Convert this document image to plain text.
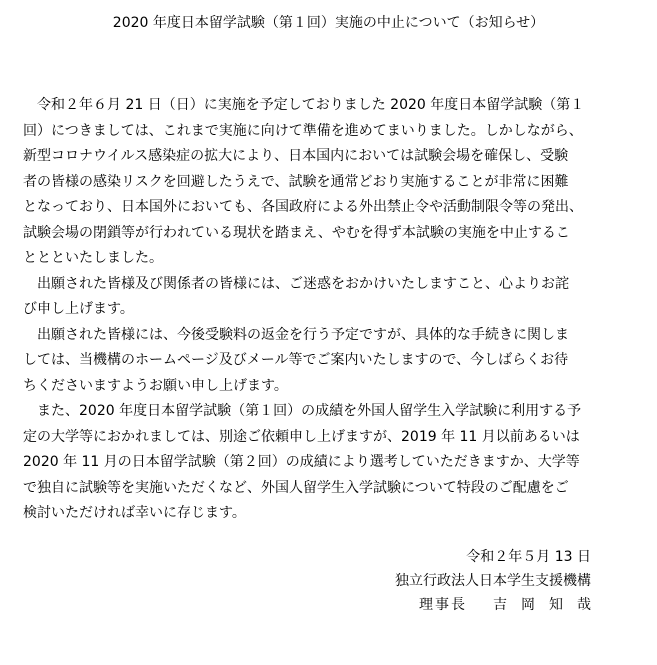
2020 年度日本留学試験（第１回）実施の中止について（お知らせ）
　令和２年６月 21 日（日）に実施を予定しておりました 2020 年度日本留学試験（第１
回）につきましては、これまで実施に向けて準備を進めてまいりました。しかしながら、
新型コロナウイルス感染症の拡大により、日本国内においては試験会場を確保し、受験
者の皆様の感染リスクを回避したうえで、試験を通常どおり実施することが非常に困難
となっており、日本国外においても、各国政府による外出禁止令や活動制限令等の発出、
試験会場の閉鎖等が行われている現状を踏まえ、やむを得ず本試験の実施を中止するこ
ととといたしました。
　出願された皆様及び関係者の皆様には、ご迷惑をおかけいたしますこと、心よりお詫
び申し上げます。
　出願された皆様には、今後受験料の返金を行う予定ですが、具体的な手続きに関しま
しては、当機構のホームページ及びメール等でご案内いたしますので、今しばらくお待
ちくださいますようお願い申し上げます。
　また、2020 年度日本留学試験（第１回）の成績を外国人留学生入学試験に利用する予
定の大学等におかれましては、別途ご依頼申し上げますが、2019 年 11 月以前あるいは
2020 年 11 月の日本留学試験（第２回）の成績により選考していただきますか、大学等
で独自に試験等を実施いただくなど、外国人留学生入学試験について特段のご配慮をご
検討いただければ幸いに存じます。
令和２年５月 13 日
独立行政法人日本学生支援機構
理事長 吉岡知哉
